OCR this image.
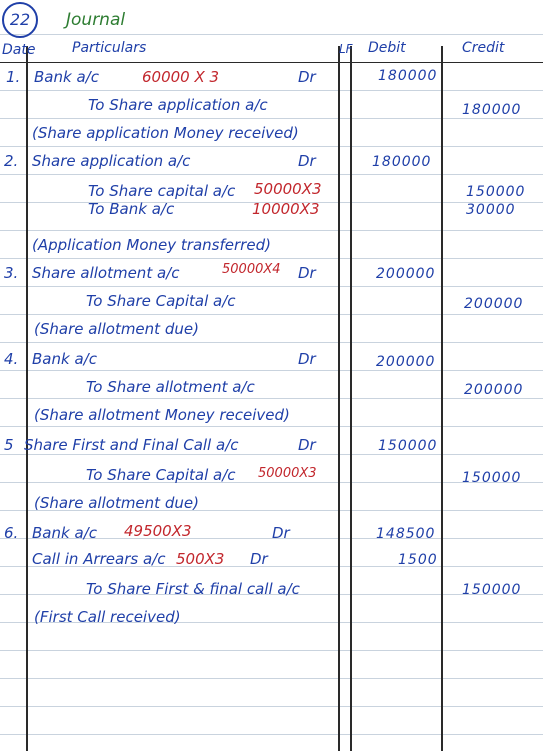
22	Journal
Date	Particulars	LF Debit	Credit
1. Bank a/c	60000 X 3	Dr	180000
To Share application a/c	180000
(Share application Money received)
2. Share application a/c	Dr	180000
To Share capital a/c 50000X3	150000
To Bank a/c	10000X3	30000
(Application Money transferred)
3. Share allotment a/c	50000X4 Dr	200000
To Share Capital a/c	200000
(Share allotment due)
4. Bank a/c	Dr	200000
To Share allotment a/c	200000
(Share allotment Money received)
5 Share First and Final Call a/c	Dr	150000
To Share Capital a/c 50000X3	150000
(Share allotment due)
6. Bank a/c 49500X3	Dr	148500
Call in Arrears a/c 500X3 Dr	1500
To Share First & final call a/c	150000
(First Call received)
